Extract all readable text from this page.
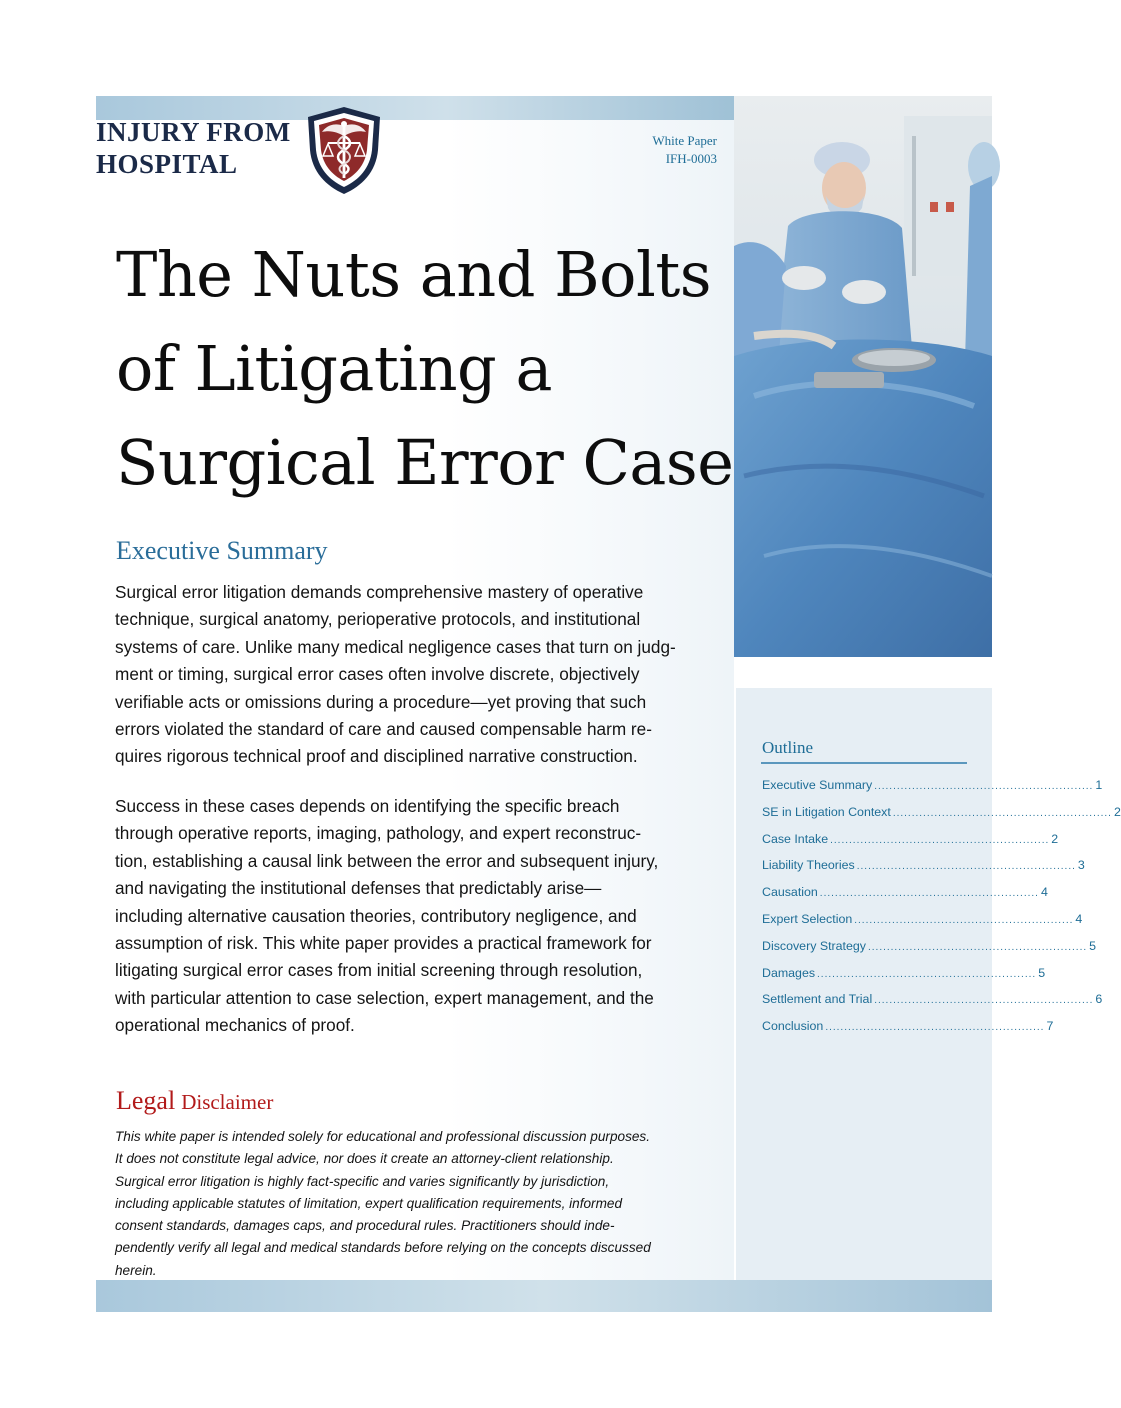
INJURY FROM
HOSPITAL
White Paper
IFH-0003
The Nuts and Bolts
of Litigating a
Surgical Error Case
Executive Summary
Surgical error litigation demands comprehensive mastery of operative
technique, surgical anatomy, perioperative protocols, and institutional
systems of care. Unlike many medical negligence cases that turn on judg-
ment or timing, surgical error cases often involve discrete, objectively
verifiable acts or omissions during a procedure—yet proving that such
errors violated the standard of care and caused compensable harm re-
quires rigorous technical proof and disciplined narrative construction.
Success in these cases depends on identifying the specific breach
through operative reports, imaging, pathology, and expert reconstruc-
tion, establishing a causal link between the error and subsequent injury,
and navigating the institutional defenses that predictably arise—
including alternative causation theories, contributory negligence, and
assumption of risk. This white paper provides a practical framework for
litigating surgical error cases from initial screening through resolution,
with particular attention to case selection, expert management, and the
operational mechanics of proof.
Legal Disclaimer
This white paper is intended solely for educational and professional discussion purposes.
It does not constitute legal advice, nor does it create an attorney-client relationship.
Surgical error litigation is highly fact-specific and varies significantly by jurisdiction,
including applicable statutes of limitation, expert qualification requirements, informed
consent standards, damages caps, and procedural rules. Practitioners should inde-
pendently verify all legal and medical standards before relying on the concepts discussed
herein.
Outline
Executive Summary .......................................................... 1
SE in Litigation Context .......................................................... 2
Case Intake .......................................................... 2
Liability Theories .......................................................... 3
Causation .......................................................... 4
Expert Selection .......................................................... 4
Discovery Strategy .......................................................... 5
Damages .......................................................... 5
Settlement and Trial .......................................................... 6
Conclusion .......................................................... 7
